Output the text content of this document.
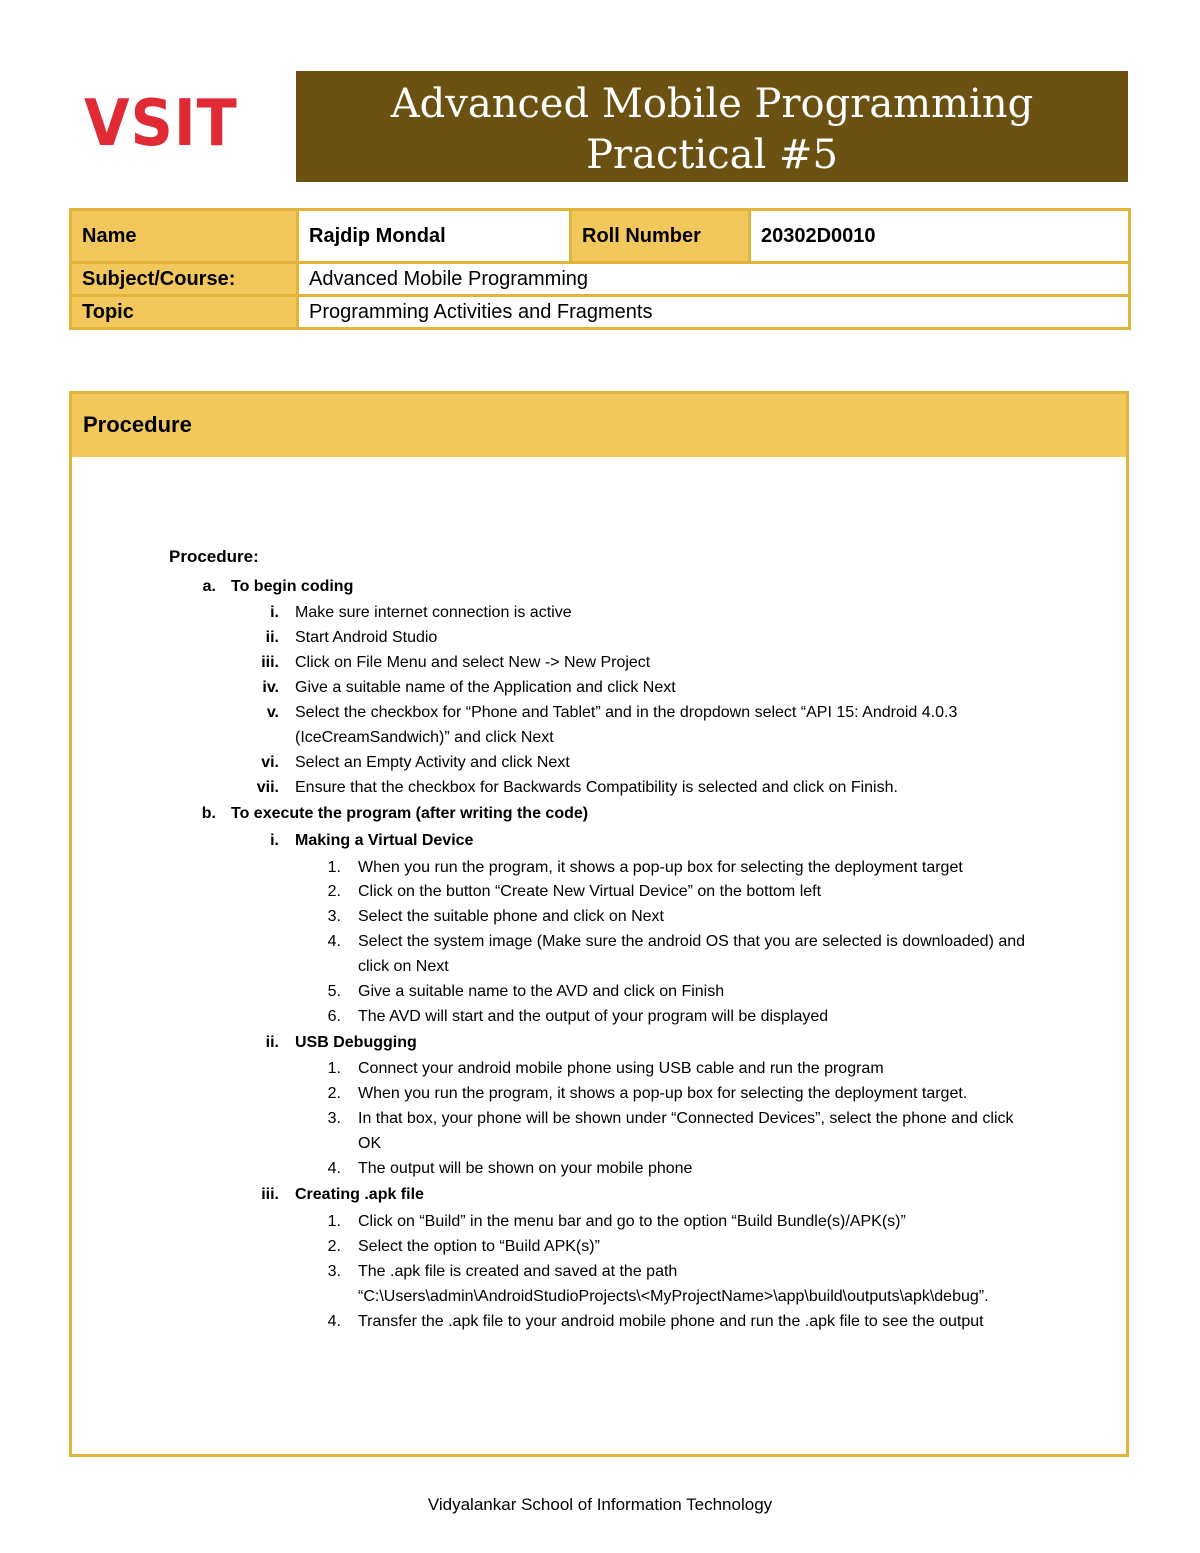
VSIT	Advanced Mobile Programming
Practical #5
Name	Rajdip Mondal	Roll Number	20302D0010
Subject/Course:	Advanced Mobile Programming		
Topic	Programming Activities and Fragments		
Procedure
Procedure:
a. To begin coding
i. Make sure internet connection is active
ii. Start Android Studio
iii. Click on File Menu and select New -> New Project
iv. Give a suitable name of the Application and click Next
v. Select the checkbox for “Phone and Tablet” and in the dropdown select “API 15: Android 4.0.3
(IceCreamSandwich)” and click Next
vi. Select an Empty Activity and click Next
vii. Ensure that the checkbox for Backwards Compatibility is selected and click on Finish.
b. To execute the program (after writing the code)
i. Making a Virtual Device
1. When you run the program, it shows a pop-up box for selecting the deployment target
2. Click on the button “Create New Virtual Device” on the bottom left
3. Select the suitable phone and click on Next
4. Select the system image (Make sure the android OS that you are selected is downloaded) and
click on Next
5. Give a suitable name to the AVD and click on Finish
6. The AVD will start and the output of your program will be displayed
ii. USB Debugging
1. Connect your android mobile phone using USB cable and run the program
2. When you run the program, it shows a pop-up box for selecting the deployment target.
3. In that box, your phone will be shown under “Connected Devices”, select the phone and click
OK
4. The output will be shown on your mobile phone
iii. Creating .apk file
1. Click on “Build” in the menu bar and go to the option “Build Bundle(s)/APK(s)”
2. Select the option to “Build APK(s)”
3. The .apk file is created and saved at the path
“C:\Users\admin\AndroidStudioProjects\<MyProjectName>\app\build\outputs\apk\debug”.
4. Transfer the .apk file to your android mobile phone and run the .apk file to see the output
Vidyalankar School of Information Technology
